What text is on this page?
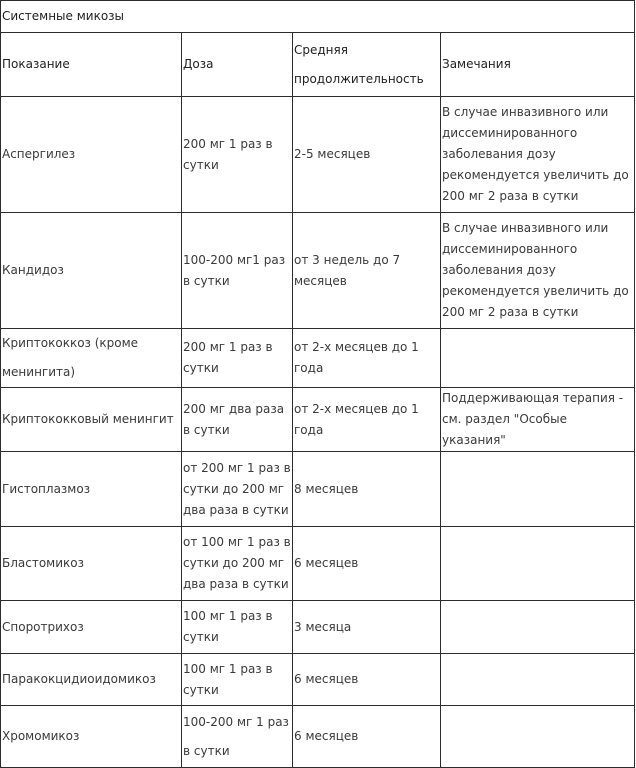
Системные микозы			
Показание	Доза	Средняя продолжительность	Замечания
Аспергилез	200 мг 1 раз в сутки	2-5 месяцев	В случае инвазивного или диссеминированного заболевания дозу рекомендуется увеличить до 200 мг 2 раза в сутки
Кандидоз	100-200 мг1 раз в сутки	от 3 недель до 7 месяцев	В случае инвазивного или диссеминированного заболевания дозу рекомендуется увеличить до 200 мг 2 раза в сутки
Криптококкоз (кроме менингита)	200 мг 1 раз в сутки	от 2-х месяцев до 1 года	
Криптококковый менингит	200 мг два раза в сутки	от 2-х месяцев до 1 года	Поддерживающая терапия - см. раздел "Особые указания"
Гистоплазмоз	от 200 мг 1 раз в сутки до 200 мг два раза в сутки	8 месяцев	
Бластомикоз	от 100 мг 1 раз в сутки до 200 мг два раза в сутки	6 месяцев	
Споротрихоз	100 мг 1 раз в сутки	3 месяца	
Паракокцидиоидомикоз	100 мг 1 раз в сутки	6 месяцев	
Хромомикоз	100-200 мг 1 раз в сутки	6 месяцев	
